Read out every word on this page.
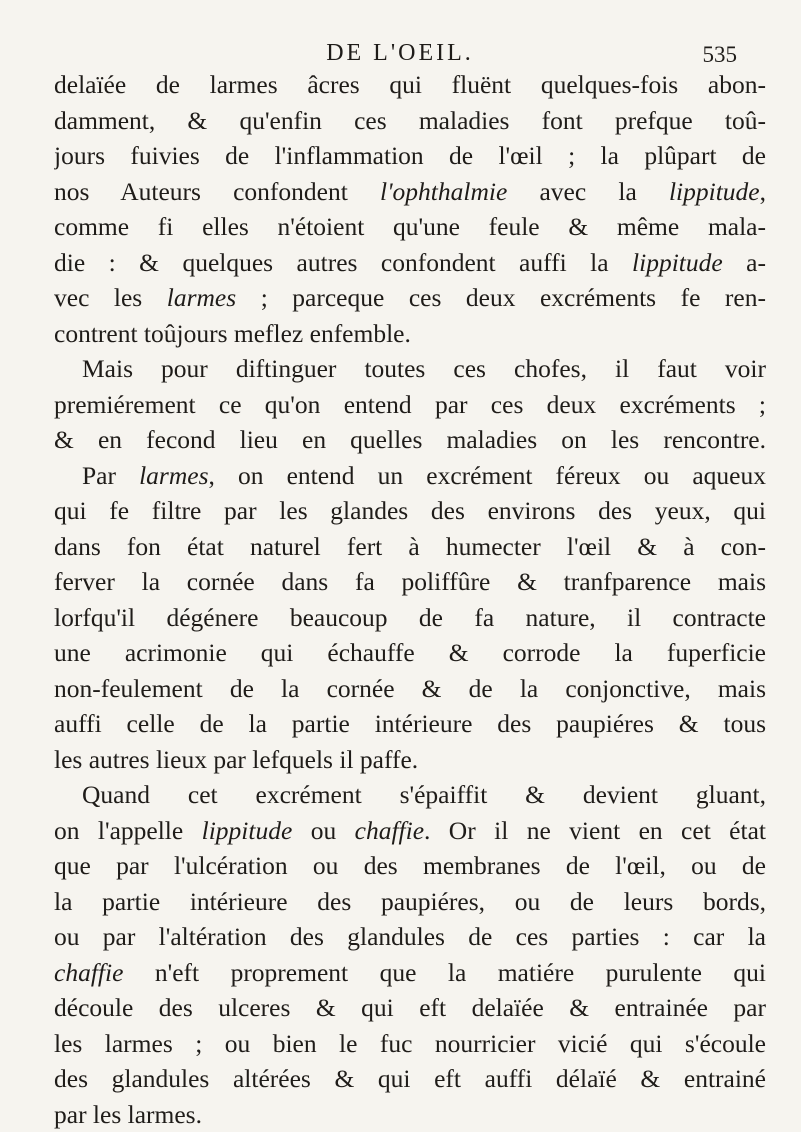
DE L'OEIL.	535
delaïée de larmes âcres qui fluënt quelques-fois abon-
damment, & qu'enfin ces maladies font prefque toû-
jours fuivies de l'inflammation de l'œil ; la plûpart de
nos Auteurs confondent l'ophthalmie avec la lippitude,
comme fi elles n'étoient qu'une feule & même mala-
die : & quelques autres confondent auffi la lippitude a-
vec les larmes ; parceque ces deux excréments fe ren-
contrent toûjours meflez enfemble.
Mais pour diftinguer toutes ces chofes, il faut voir
premiérement ce qu'on entend par ces deux excréments ;
& en fecond lieu en quelles maladies on les rencontre.
Par larmes, on entend un excrément féreux ou aqueux
qui fe filtre par les glandes des environs des yeux, qui
dans fon état naturel fert à humecter l'œil & à con-
ferver la cornée dans fa poliffûre & tranfparence mais
lorfqu'il dégénere beaucoup de fa nature, il contracte
une acrimonie qui échauffe & corrode la fuperficie
non-feulement de la cornée & de la conjonctive, mais
auffi celle de la partie intérieure des paupiéres & tous
les autres lieux par lefquels il paffe.
Quand cet excrément s'épaiffit & devient gluant,
on l'appelle lippitude ou chaffie. Or il ne vient en cet état
que par l'ulcération ou des membranes de l'œil, ou de
la partie intérieure des paupiéres, ou de leurs bords,
ou par l'altération des glandules de ces parties : car la
chaffie n'eft proprement que la matiére purulente qui
découle des ulceres & qui eft delaïée & entrainée par
les larmes ; ou bien le fuc nourricier vicié qui s'écoule
des glandules altérées & qui eft auffi délaïé & entrainé
par les larmes.
